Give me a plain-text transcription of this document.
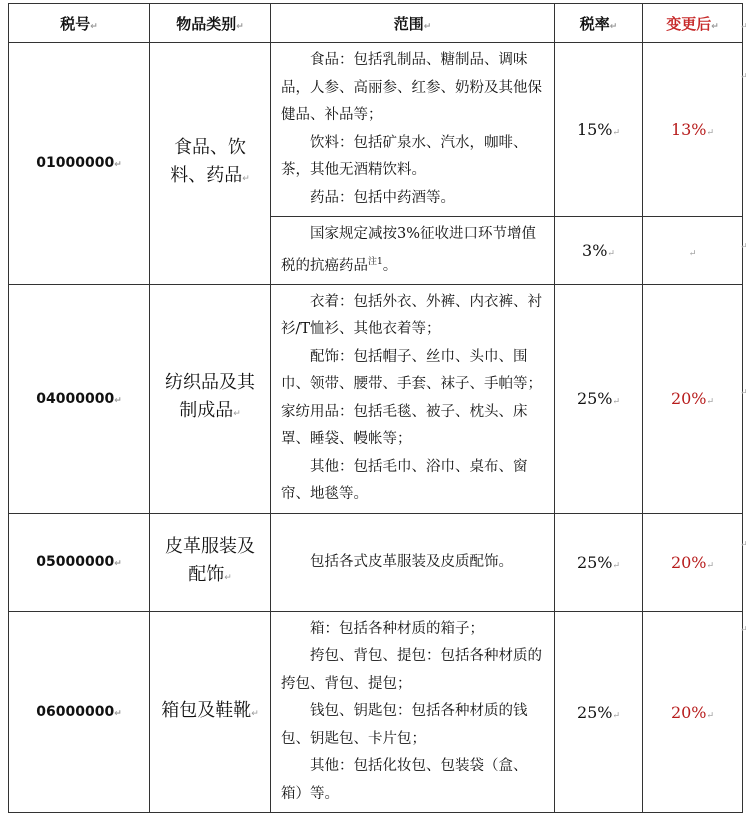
税号↵	物品类别↵	范围↵	税率↵	变更后↵
01000000↵	食品、饮料、药品↵	食品：包括乳制品、糖制品、调味品，人参、高丽参、红参、奶粉及其他保健品、补品等；

饮料：包括矿泉水、汽水，咖啡、茶，其他无酒精饮料。

药品：包括中药酒等。	15%↵	13%↵

		国家规定减按3%征收进口环节增值税的抗癌药品$^{注1}$。	3%↵	↵
04000000↵	纺织品及其制成品↵	衣着：包括外衣、外裤、内衣裤、衬衫/T恤衫、其他衣着等；

配饰：包括帽子、丝巾、头巾、围巾、领带、腰带、手套、袜子、手帕等；家纺用品：包括毛毯、被子、枕头、床罩、睡袋、幔帐等；

其他：包括毛巾、浴巾、桌布、窗帘、地毯等。	25%↵	20%↵
05000000↵	皮革服装及配饰↵	包括各式皮革服装及皮质配饰。	25%↵	20%↵
06000000↵	箱包及鞋靴↵	箱：包括各种材质的箱子；

挎包、背包、提包：包括各种材质的挎包、背包、提包；

钱包、钥匙包：包括各种材质的钱包、钥匙包、卡片包；

其他：包括化妆包、包装袋（盒、箱）等。	25%↵	20%↵
↵
↵
↵
↵
↵
↵
